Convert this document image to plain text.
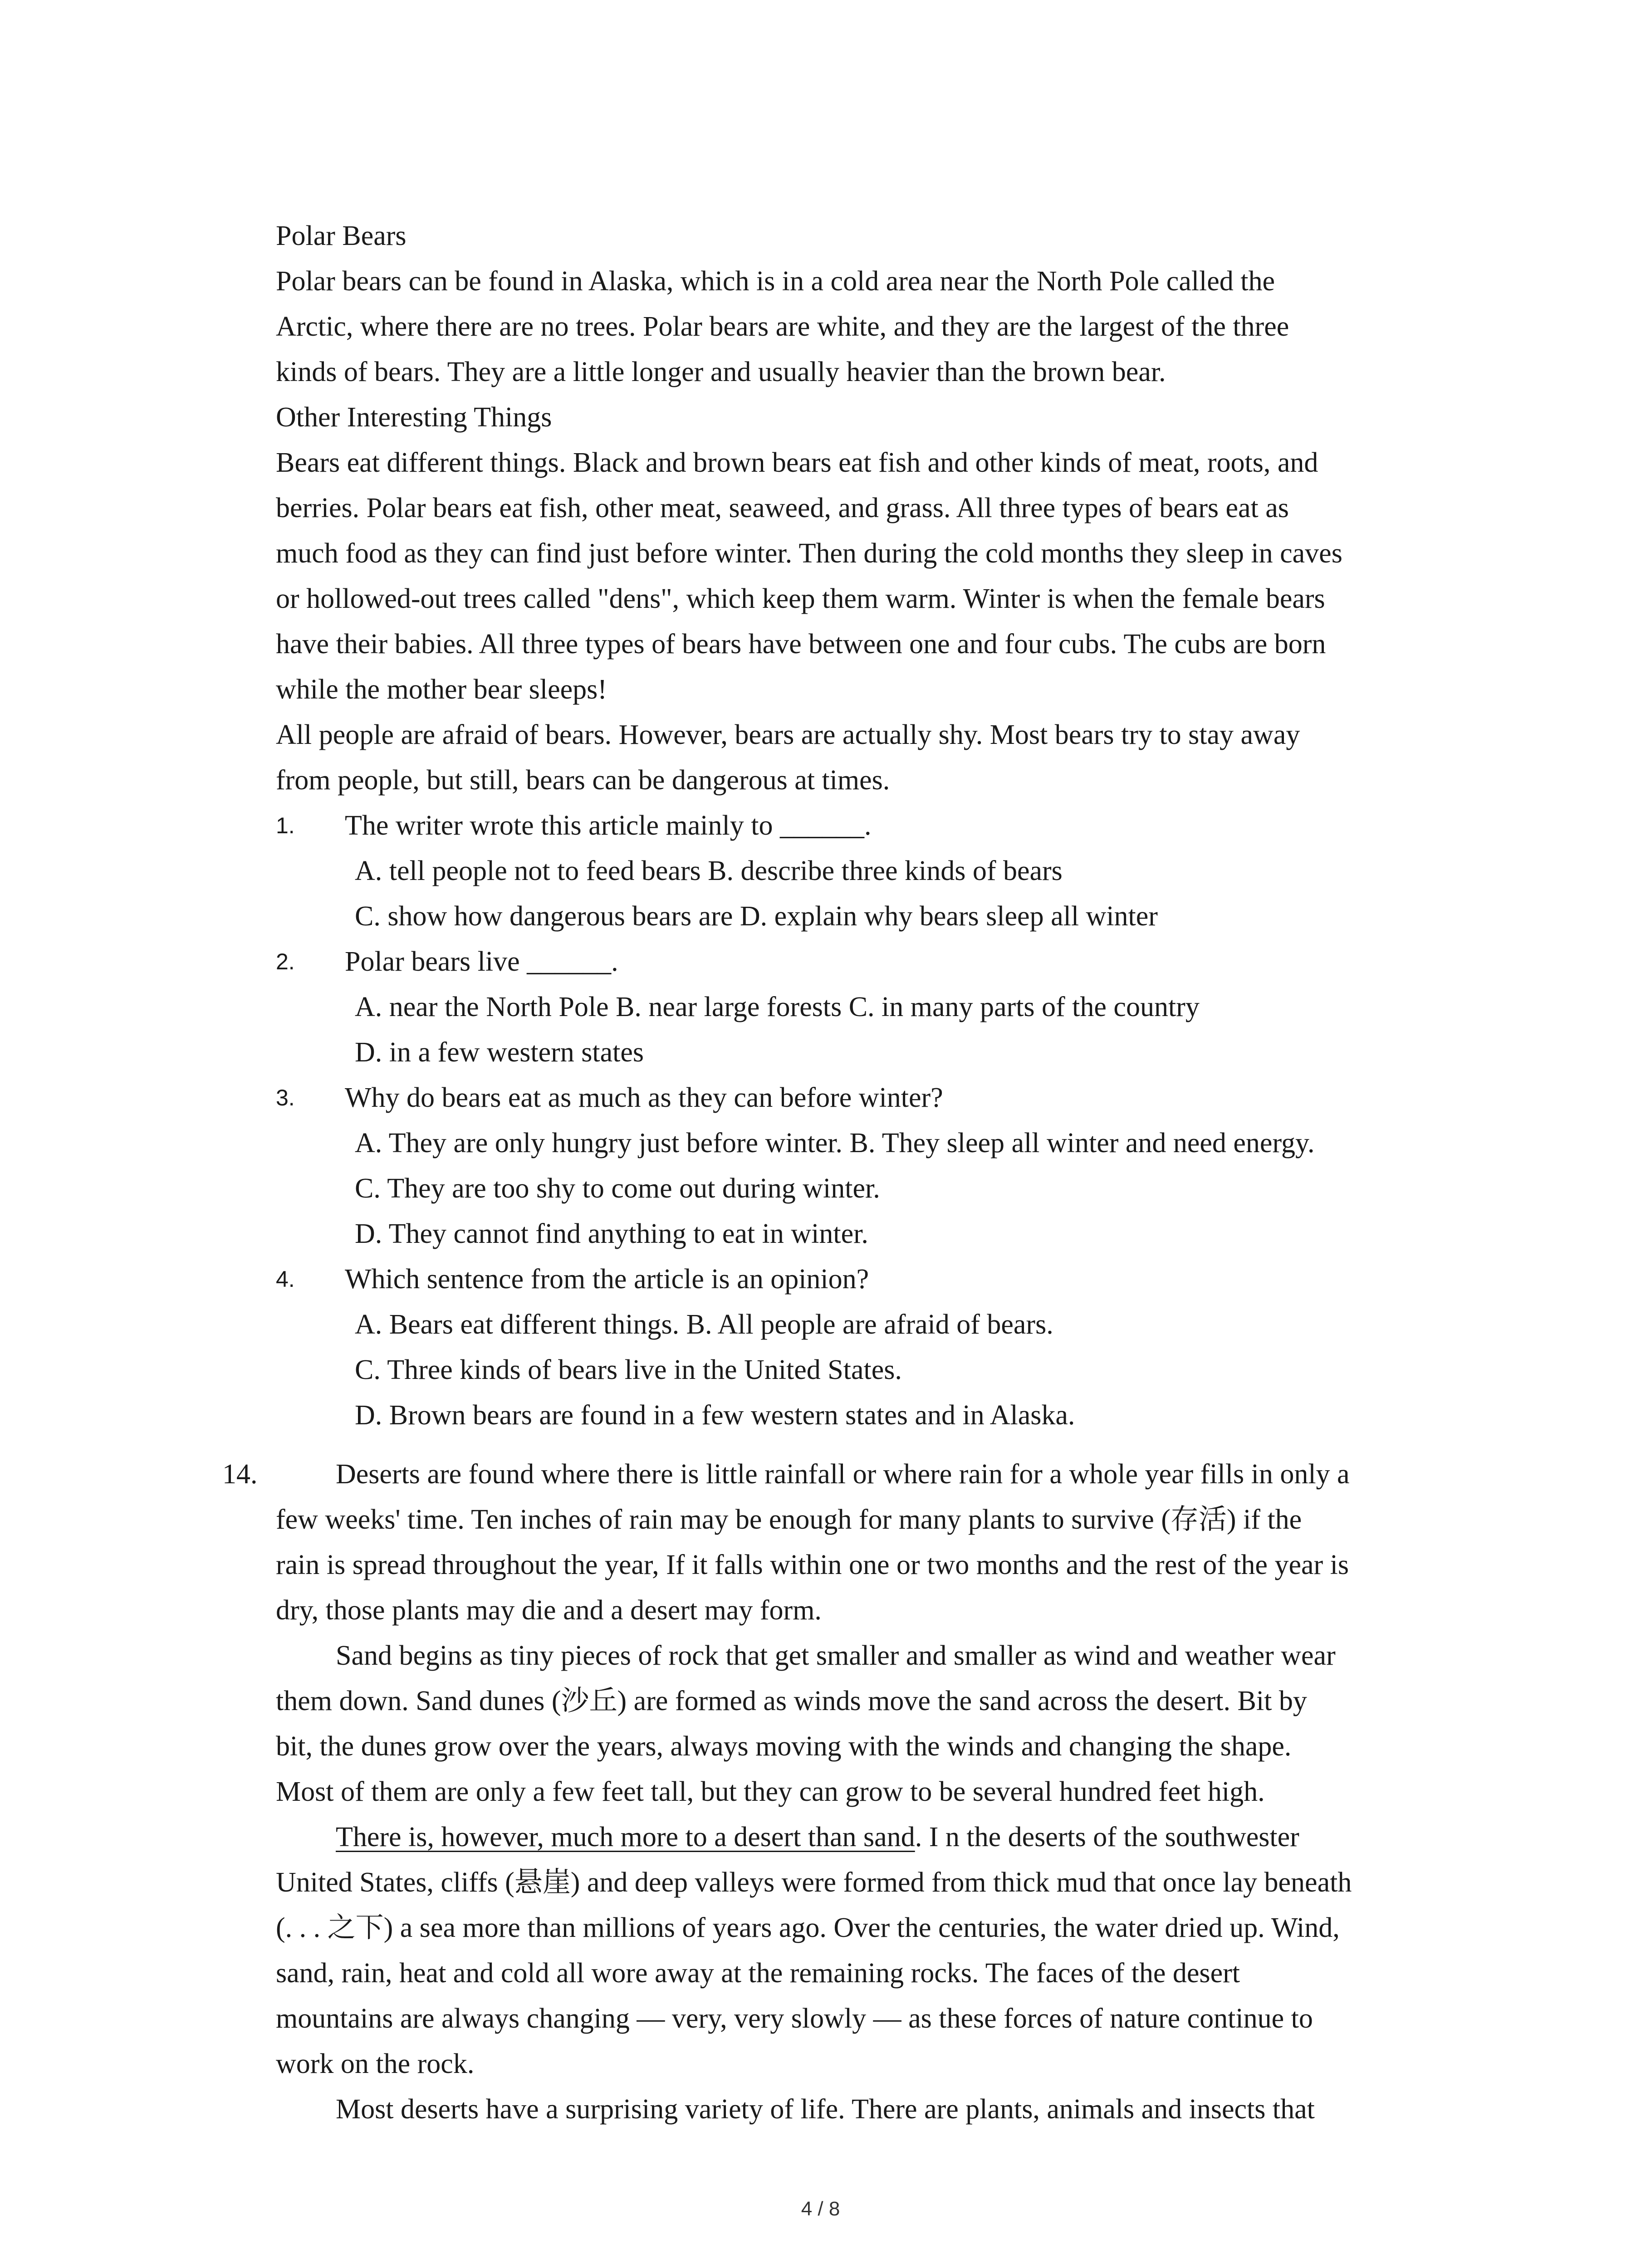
Polar Bears
Polar bears can be found in Alaska, which is in a cold area near the North Pole called the
Arctic, where there are no trees. Polar bears are white, and they are the largest of the three
kinds of bears. They are a little longer and usually heavier than the brown bear.
Other Interesting Things
Bears eat different things. Black and brown bears eat fish and other kinds of meat, roots, and
berries. Polar bears eat fish, other meat, seaweed, and grass. All three types of bears eat as
much food as they can find just before winter. Then during the cold months they sleep in caves
or hollowed-out trees called "dens", which keep them warm. Winter is when the female bears
have their babies. All three types of bears have between one and four cubs. The cubs are born
while the mother bear sleeps!
All people are afraid of bears. However, bears are actually shy. Most bears try to stay away
from people, but still, bears can be dangerous at times.
1. The writer wrote this article mainly to ______.
A. tell people not to feed bears B. describe three kinds of bears
C. show how dangerous bears are D. explain why bears sleep all winter
2. Polar bears live ______.
A. near the North Pole B. near large forests C. in many parts of the country
D. in a few western states
3. Why do bears eat as much as they can before winter?
A. They are only hungry just before winter. B. They sleep all winter and need energy.
C. They are too shy to come out during winter.
D. They cannot find anything to eat in winter.
4. Which sentence from the article is an opinion?
A. Bears eat different things. B. All people are afraid of bears.
C. Three kinds of bears live in the United States.
D. Brown bears are found in a few western states and in Alaska.
14.	Deserts are found where there is little rainfall or where rain for a whole year fills in only a
few weeks' time. Ten inches of rain may be enough for many plants to survive (存活) if the
rain is spread throughout the year, If it falls within one or two months and the rest of the year is
dry, those plants may die and a desert may form.
Sand begins as tiny pieces of rock that get smaller and smaller as wind and weather wear
them down. Sand dunes (沙丘) are formed as winds move the sand across the desert. Bit by
bit, the dunes grow over the years, always moving with the winds and changing the shape.
Most of them are only a few feet tall, but they can grow to be several hundred feet high.
There is, however, much more to a desert than sand. I n the deserts of the southwester
United States, cliffs (悬崖) and deep valleys were formed from thick mud that once lay beneath
(. . . 之下) a sea more than millions of years ago. Over the centuries, the water dried up. Wind,
sand, rain, heat and cold all wore away at the remaining rocks. The faces of the desert
mountains are always changing — very, very slowly — as these forces of nature continue to
work on the rock.
Most deserts have a surprising variety of life. There are plants, animals and insects that
4 / 8
